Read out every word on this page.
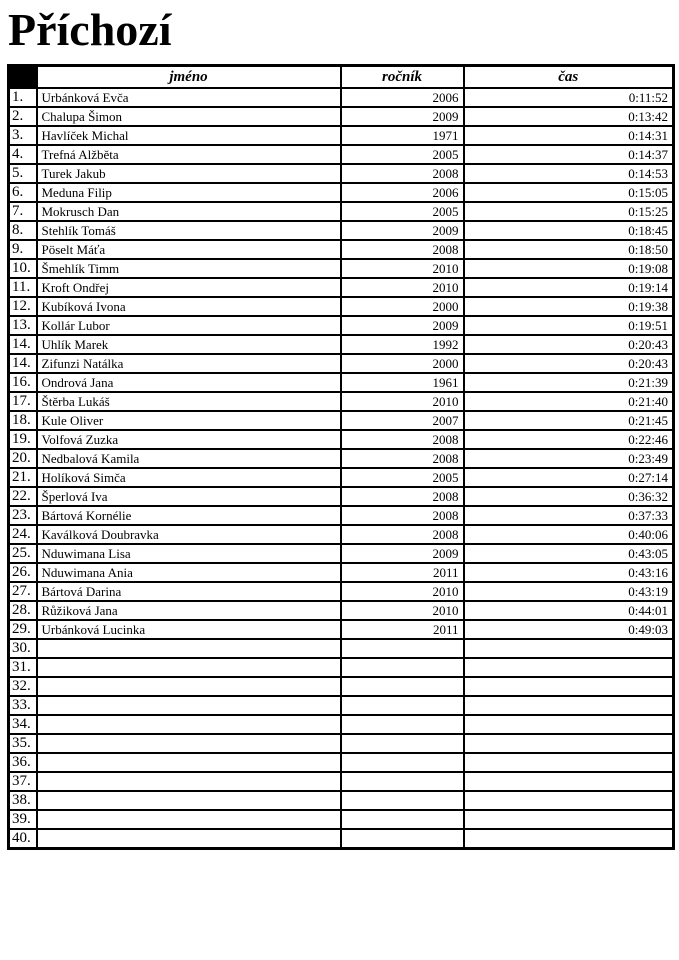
Příchozí
	jméno	ročník	čas
1.	Urbánková Evča	2006	0:11:52
2.	Chalupa Šimon	2009	0:13:42
3.	Havlíček Michal	1971	0:14:31
4.	Trefná Alžběta	2005	0:14:37
5.	Turek Jakub	2008	0:14:53
6.	Meduna Filip	2006	0:15:05
7.	Mokrusch Dan	2005	0:15:25
8.	Stehlík Tomáš	2009	0:18:45
9.	Pöselt Máťa	2008	0:18:50
10.	Šmehlík Timm	2010	0:19:08
11.	Kroft Ondřej	2010	0:19:14
12.	Kubíková Ivona	2000	0:19:38
13.	Kollár Lubor	2009	0:19:51
14.	Uhlík Marek	1992	0:20:43
14.	Zifunzi Natálka	2000	0:20:43
16.	Ondrová Jana	1961	0:21:39
17.	Štěrba Lukáš	2010	0:21:40
18.	Kule Oliver	2007	0:21:45
19.	Volfová Zuzka	2008	0:22:46
20.	Nedbalová Kamila	2008	0:23:49
21.	Holíková Simča	2005	0:27:14
22.	Šperlová Iva	2008	0:36:32
23.	Bártová Kornélie	2008	0:37:33
24.	Kaválková Doubravka	2008	0:40:06
25.	Nduwimana Lisa	2009	0:43:05
26.	Nduwimana Ania	2011	0:43:16
27.	Bártová Darina	2010	0:43:19
28.	Růžiková Jana	2010	0:44:01
29.	Urbánková Lucinka	2011	0:49:03
30.			
31.			
32.			
33.			
34.			
35.			
36.			
37.			
38.			
39.			
40.			
